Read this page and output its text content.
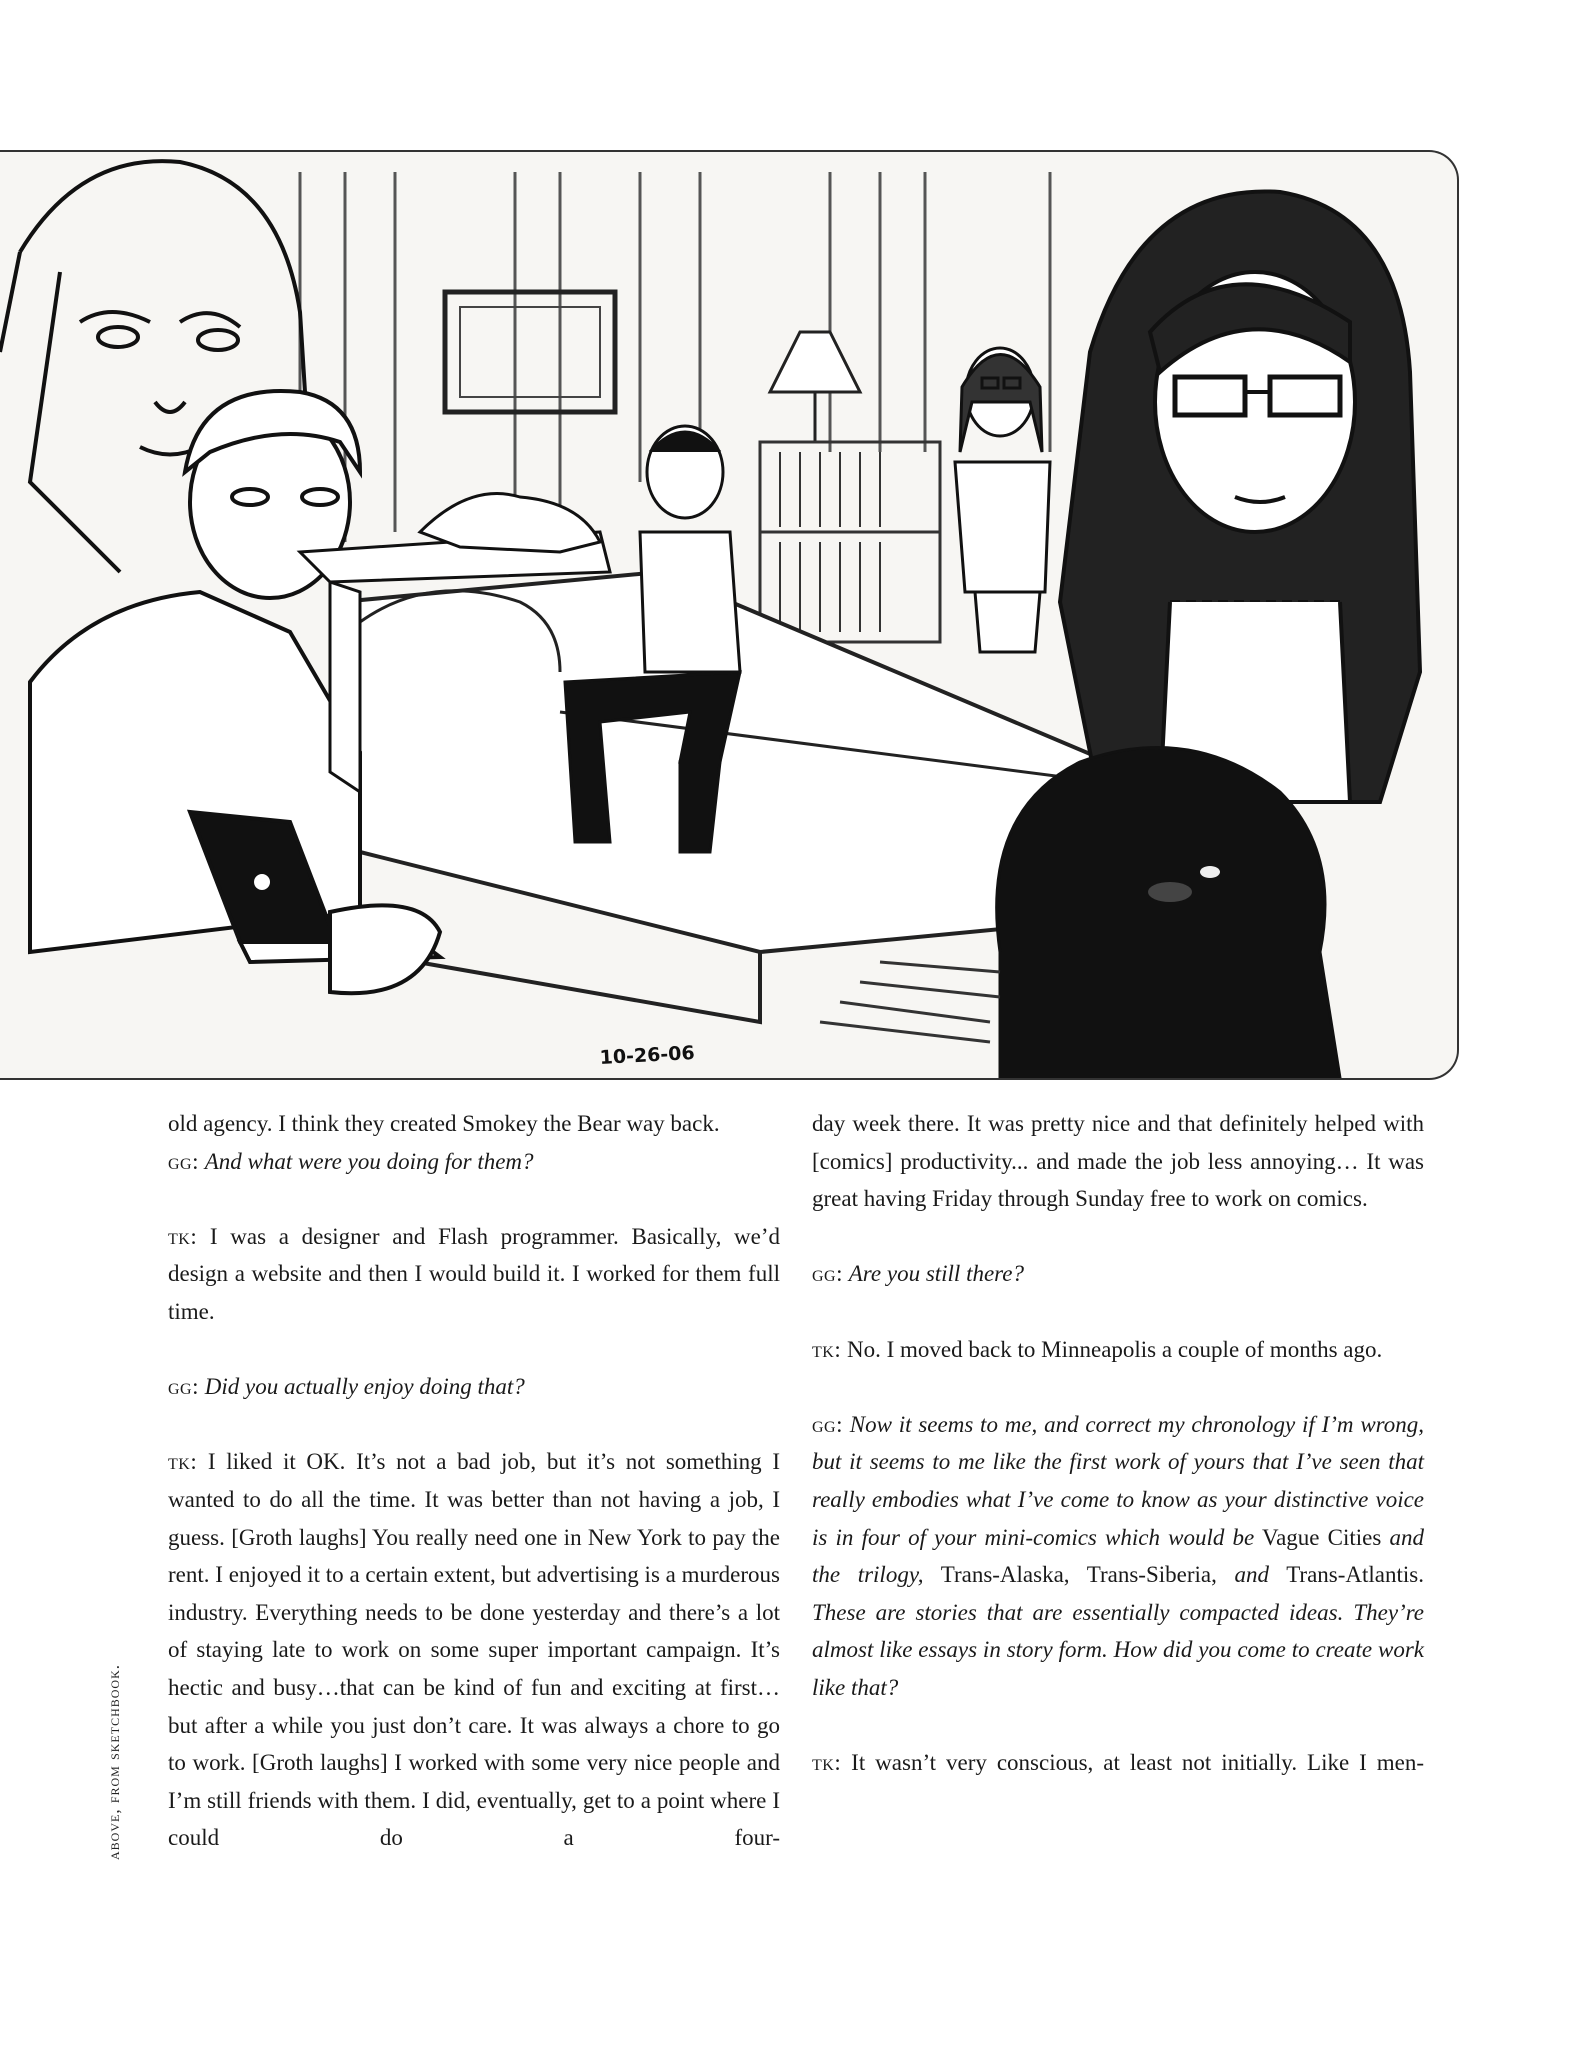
10-26-06
above, from sketchbook.

old agency. I think they created Smokey the Bear way back.

gg: And what were you doing for them?

tk: I was a designer and Flash programmer. Basically, we’d design a website and then I would build it. I worked for them full time.

gg: Did you actually enjoy doing that?

tk: I liked it OK. It’s not a bad job, but it’s not something I wanted to do all the time. It was better than not having a job, I guess. [Groth laughs] You really need one in New York to pay the rent. I enjoyed it to a certain extent, but advertising is a murderous industry. Everything needs to be done yesterday and there’s a lot of staying late to work on some super important campaign. It’s hectic and busy…that can be kind of fun and exciting at first… but after a while you just don’t care. It was always a chore to go to work. [Groth laughs] I worked with some very nice people and I’m still friends with them. I did, eventually, get to a point where I could do a four-

day week there. It was pretty nice and that definitely helped with [comics] productivity... and made the job less annoying… It was great having Friday through Sunday free to work on comics.

gg: Are you still there?

tk: No. I moved back to Minneapolis a couple of months ago.

gg: Now it seems to me, and correct my chronology if I’m wrong, but it seems to me like the first work of yours that I’ve seen that really embodies what I’ve come to know as your distinctive voice is in four of your mini-comics which would be Vague Cities and the trilogy, Trans-Alaska, Trans-Siberia, and Trans-Atlantis. These are stories that are essentially compacted ideas. They’re almost like essays in story form. How did you come to create work like that?

tk: It wasn’t very conscious, at least not initially. Like I men-
